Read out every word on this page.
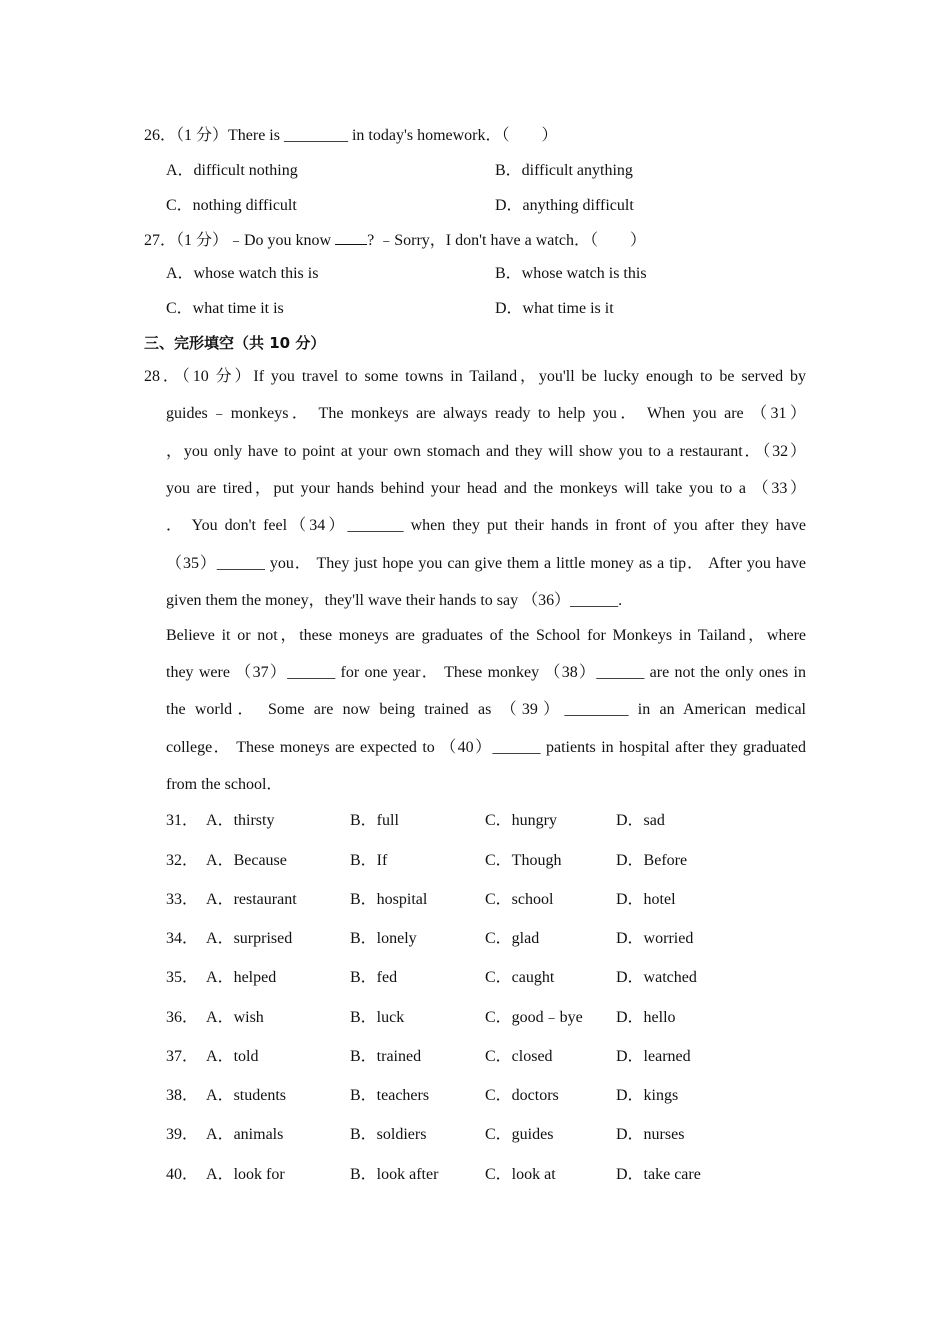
26．（1 分）There is ________ in today's homework．（　　）
A．difficult nothing	B．difficult anything
C．nothing difficult	D．anything difficult
27．（1 分）﹣Do you know ? ﹣Sorry，I don't have a watch．（　　）
A．whose watch this is	B．whose watch is this
C．what time it is	D．what time is it
三、完形填空（共 10 分）
28．（10 分）If you travel to some towns in Tailand，you'll be lucky enough to be served by
guides﹣monkeys． The monkeys are always ready to help you． When you are （31）
，you only have to point at your own stomach and they will show you to a restaurant．（32）
you are tired，put your hands behind your head and the monkeys will take you to a （33）
． You don't feel（34）_______ when they put their hands in front of you after they have
（35）______ you． They just hope you can give them a little money as a tip． After you have
given them the money，they'll wave their hands to say （36）______.
Believe it or not，these moneys are graduates of the School for Monkeys in Tailand，where
they were （37）______ for one year． These monkey （38）______ are not the only ones in
the world． Some are now being trained as （39）________ in an American medical
college． These moneys are expected to （40）______ patients in hospital after they graduated
from the school．
31． A．thirsty	B．full	C．hungry	D．sad
32． A．Because	B．If	C．Though	D．Before
33． A．restaurant	B．hospital	C．school	D．hotel
34． A．surprised	B．lonely	C．glad	D．worried
35． A．helped	B．fed	C．caught	D．watched
36． A．wish	B．luck	C．good﹣bye D．hello
37． A．told	B．trained	C．closed	D．learned
38． A．students	B．teachers	C．doctors	D．kings
39． A．animals	B．soldiers	C．guides	D．nurses
40． A．look for	B．look after	C．look at	D．take care
